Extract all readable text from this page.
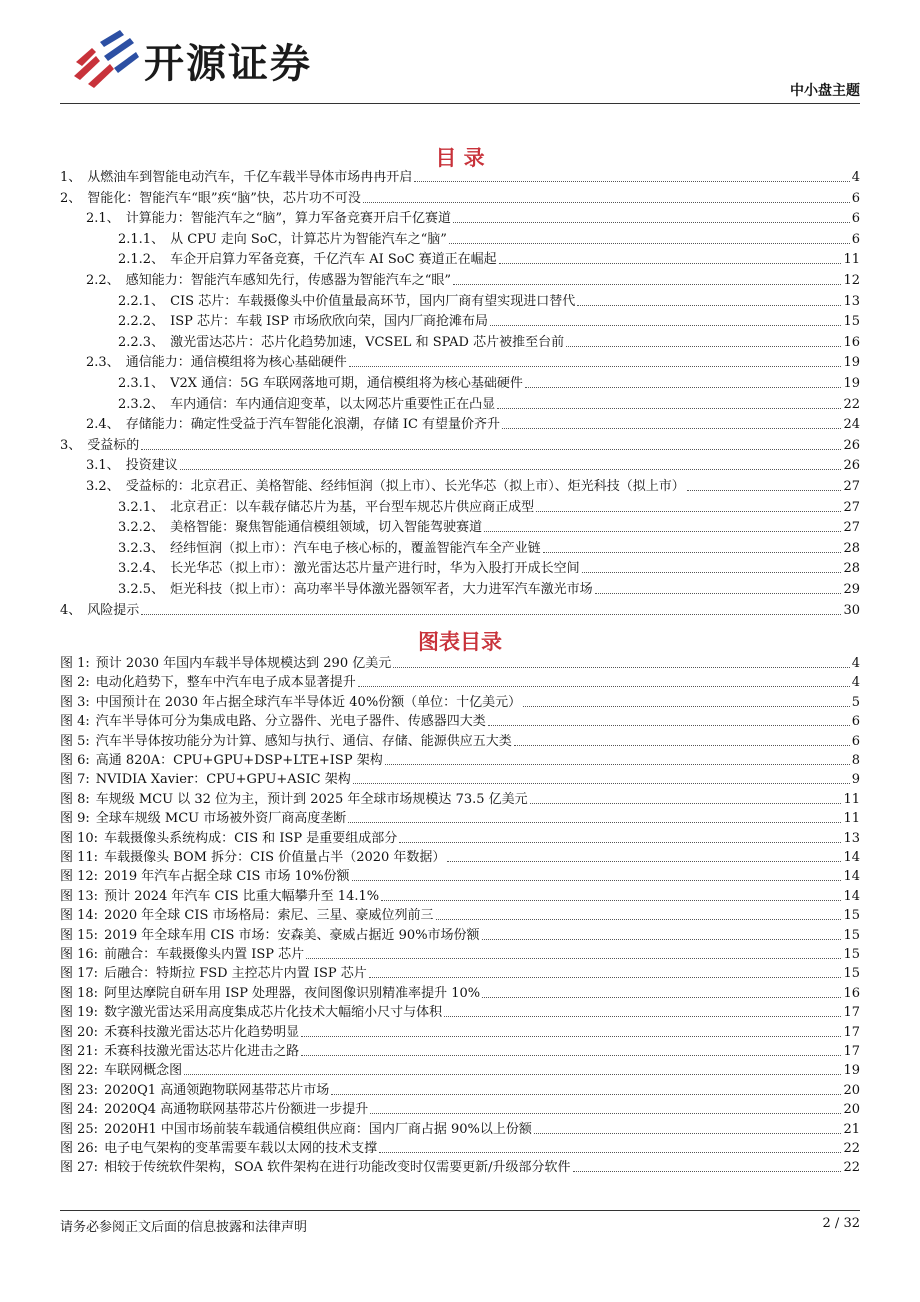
开源证券
中小盘主题
目 录
1、 从燃油车到智能电动汽车，千亿车载半导体市场冉冉开启	4
2、 智能化：智能汽车“眼”疾“脑”快，芯片功不可没	6
2.1、 计算能力：智能汽车之“脑”，算力军备竞赛开启千亿赛道	6
2.1.1、 从 CPU 走向 SoC，计算芯片为智能汽车之“脑”	6
2.1.2、 车企开启算力军备竞赛，千亿汽车 AI SoC 赛道正在崛起	11
2.2、 感知能力：智能汽车感知先行，传感器为智能汽车之“眼”	12
2.2.1、 CIS 芯片：车载摄像头中价值量最高环节，国内厂商有望实现进口替代	13
2.2.2、 ISP 芯片：车载 ISP 市场欣欣向荣，国内厂商抢滩布局	15
2.2.3、 激光雷达芯片：芯片化趋势加速，VCSEL 和 SPAD 芯片被推至台前	16
2.3、 通信能力：通信模组将为核心基础硬件	19
2.3.1、 V2X 通信：5G 车联网落地可期，通信模组将为核心基础硬件	19
2.3.2、 车内通信：车内通信迎变革，以太网芯片重要性正在凸显	22
2.4、 存储能力：确定性受益于汽车智能化浪潮，存储 IC 有望量价齐升	24
3、 受益标的	26
3.1、 投资建议	26
3.2、 受益标的：北京君正、美格智能、经纬恒润（拟上市）、长光华芯（拟上市）、炬光科技（拟上市）	27
3.2.1、 北京君正：以车载存储芯片为基，平台型车规芯片供应商正成型	27
3.2.2、 美格智能：聚焦智能通信模组领域，切入智能驾驶赛道	27
3.2.3、 经纬恒润（拟上市）：汽车电子核心标的，覆盖智能汽车全产业链	28
3.2.4、 长光华芯（拟上市）：激光雷达芯片量产进行时，华为入股打开成长空间	28
3.2.5、 炬光科技（拟上市）：高功率半导体激光器领军者，大力进军汽车激光市场	29
4、 风险提示	30
图表目录
图 1: 预计 2030 年国内车载半导体规模达到 290 亿美元	4
图 2: 电动化趋势下，整车中汽车电子成本显著提升	4
图 3: 中国预计在 2030 年占据全球汽车半导体近 40%份额（单位：十亿美元）	5
图 4: 汽车半导体可分为集成电路、分立器件、光电子器件、传感器四大类	6
图 5: 汽车半导体按功能分为计算、感知与执行、通信、存储、能源供应五大类	6
图 6: 高通 820A：CPU+GPU+DSP+LTE+ISP 架构	8
图 7: NVIDIA Xavier：CPU+GPU+ASIC 架构	9
图 8: 车规级 MCU 以 32 位为主，预计到 2025 年全球市场规模达 73.5 亿美元	11
图 9: 全球车规级 MCU 市场被外资厂商高度垄断	11
图 10: 车载摄像头系统构成：CIS 和 ISP 是重要组成部分	13
图 11: 车载摄像头 BOM 拆分：CIS 价值量占半（2020 年数据）	14
图 12: 2019 年汽车占据全球 CIS 市场 10%份额	14
图 13: 预计 2024 年汽车 CIS 比重大幅攀升至 14.1%	14
图 14: 2020 年全球 CIS 市场格局：索尼、三星、豪威位列前三	15
图 15: 2019 年全球车用 CIS 市场：安森美、豪威占据近 90%市场份额	15
图 16: 前融合：车载摄像头内置 ISP 芯片	15
图 17: 后融合：特斯拉 FSD 主控芯片内置 ISP 芯片	15
图 18: 阿里达摩院自研车用 ISP 处理器，夜间图像识别精准率提升 10%	16
图 19: 数字激光雷达采用高度集成芯片化技术大幅缩小尺寸与体积	17
图 20: 禾赛科技激光雷达芯片化趋势明显	17
图 21: 禾赛科技激光雷达芯片化进击之路	17
图 22: 车联网概念图	19
图 23: 2020Q1 高通领跑物联网基带芯片市场	20
图 24: 2020Q4 高通物联网基带芯片份额进一步提升	20
图 25: 2020H1 中国市场前装车载通信模组供应商：国内厂商占据 90%以上份额	21
图 26: 电子电气架构的变革需要车载以太网的技术支撑	22
图 27: 相较于传统软件架构，SOA 软件架构在进行功能改变时仅需要更新/升级部分软件	22
请务必参阅正文后面的信息披露和法律声明	2 / 32
